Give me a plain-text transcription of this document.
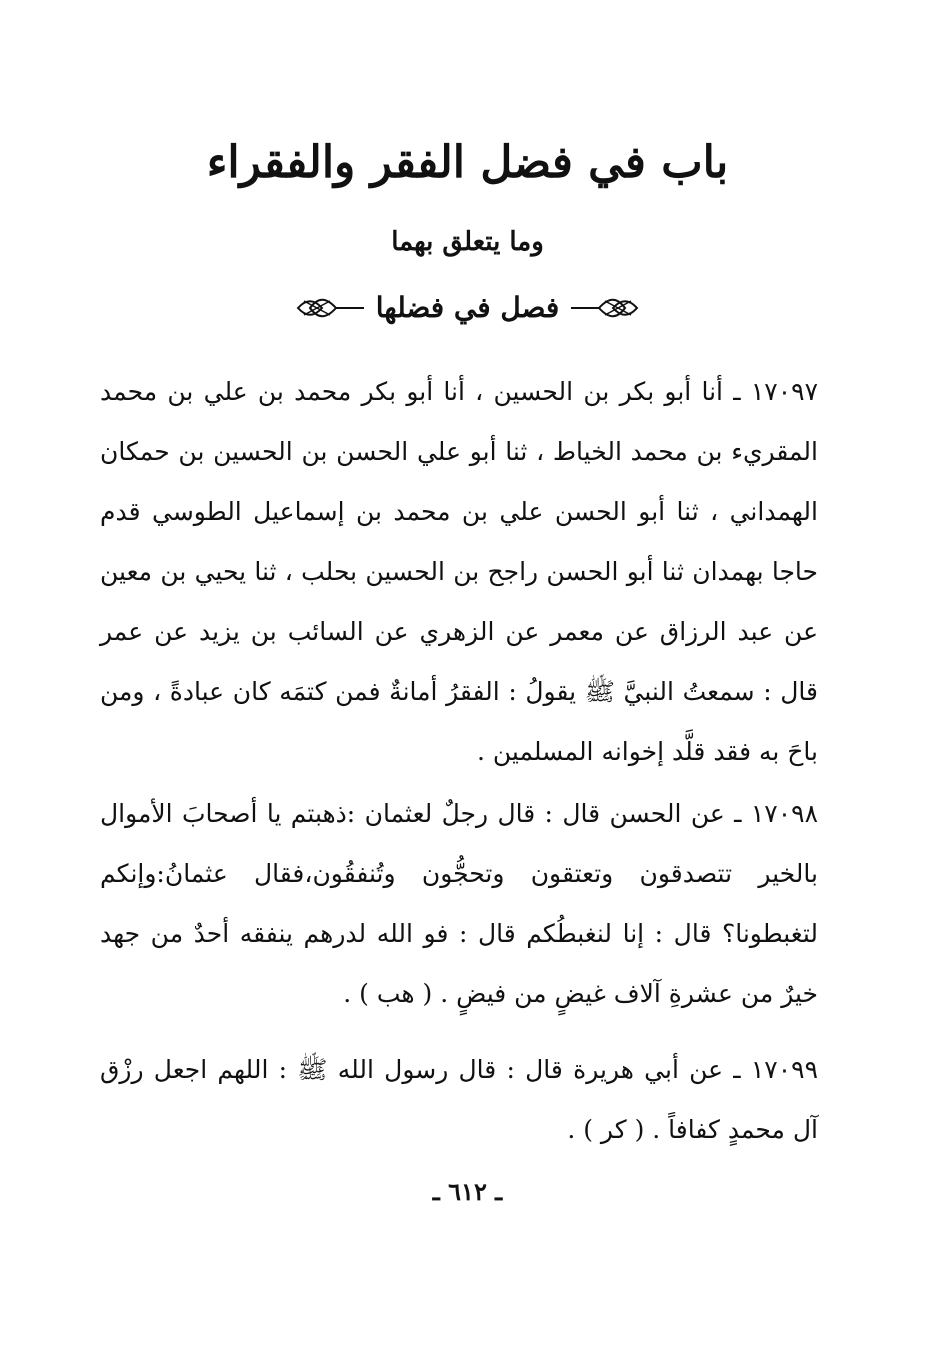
باب في فضل الفقر والفقراء
وما يتعلق بهما
فصل في فضلها

١٧٠٩٧ ـ أنا أبو بكر بن الحسين ، أنا أبو بكر محمد بن علي بن محمد المقريء بن محمد الخياط ، ثنا أبو علي الحسن بن الحسين بن حمكان الهمداني ، ثنا أبو الحسن علي بن محمد بن إسماعيل الطوسي قدم حاجا بهمدان ثنا أبو الحسن راجح بن الحسين بحلب ، ثنا يحيي بن معين عن عبد الرزاق عن معمر عن الزهري عن السائب بن يزيد عن عمر قال : سمعتُ النبيَّ ﷺ يقولُ : الفقرُ أمانةٌ فمن كتمَه كان عبادةً ، ومن باحَ به فقد قلَّد إخوانه المسلمين .

١٧٠٩٨ ـ عن الحسن قال : قال رجلٌ لعثمان :ذهبتم يا أصحابَ الأموال بالخير تتصدقون وتعتقون وتحجُّون وتُنفقُون،فقال عثمانُ:وإنكم لتغبطونا؟ قال : إنا لنغبطُكم قال : فو الله لدرهم ينفقه أحدٌ من جهد خيرٌ من عشرةِ آلاف غيضٍ من فيضٍ . ( هب ) .

١٧٠٩٩ ـ عن أبي هريرة قال : قال رسول الله ﷺ : اللهم اجعل رزْق آل محمدٍ كفافاً . ( كر ) .

ـ ٦١٢ ـ
